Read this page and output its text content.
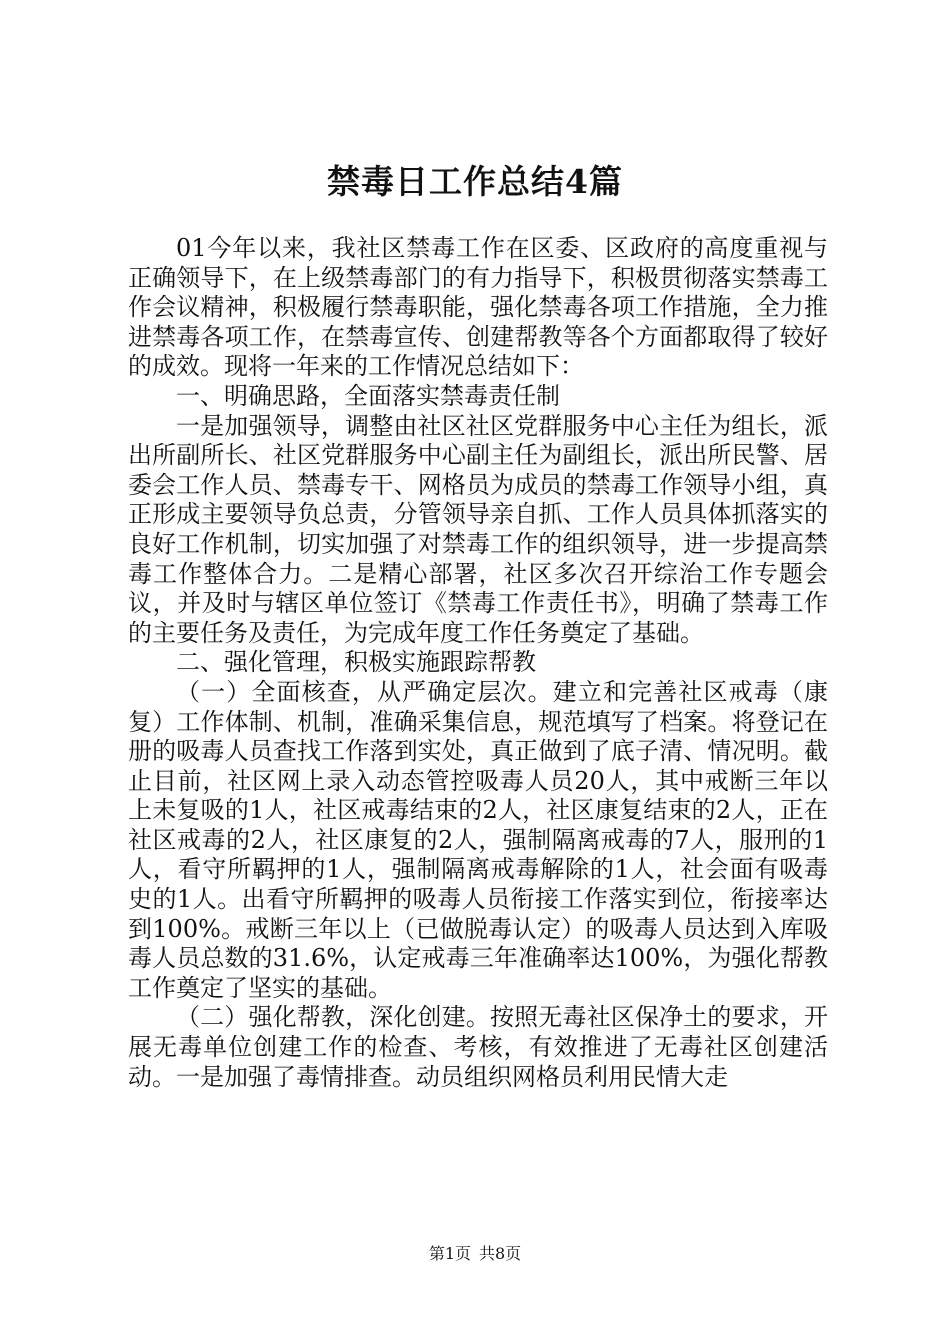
禁毒日工作总结4篇

01今年以来，我社区禁毒工作在区委、区政府的高度重视与正确领导下，在上级禁毒部门的有力指导下，积极贯彻落实禁毒工作会议精神，积极履行禁毒职能，强化禁毒各项工作措施，全力推进禁毒各项工作，在禁毒宣传、创建帮教等各个方面都取得了较好的成效。现将一年来的工作情况总结如下：

一、明确思路，全面落实禁毒责任制

一是加强领导，调整由社区社区党群服务中心主任为组长，派出所副所长、社区党群服务中心副主任为副组长，派出所民警、居委会工作人员、禁毒专干、网格员为成员的禁毒工作领导小组，真正形成主要领导负总责，分管领导亲自抓、工作人员具体抓落实的良好工作机制，切实加强了对禁毒工作的组织领导，进一步提高禁毒工作整体合力。二是精心部署，社区多次召开综治工作专题会议，并及时与辖区单位签订《禁毒工作责任书》，明确了禁毒工作的主要任务及责任，为完成年度工作任务奠定了基础。

二、强化管理，积极实施跟踪帮教

（一）全面核查，从严确定层次。建立和完善社区戒毒（康复）工作体制、机制，准确采集信息，规范填写了档案。将登记在册的吸毒人员查找工作落到实处，真正做到了底子清、情况明。截止目前，社区网上录入动态管控吸毒人员20人，其中戒断三年以上未复吸的1人，社区戒毒结束的2人，社区康复结束的2人，正在社区戒毒的2人，社区康复的2人，强制隔离戒毒的7人，服刑的1人，看守所羁押的1人，强制隔离戒毒解除的1人，社会面有吸毒史的1人。出看守所羁押的吸毒人员衔接工作落实到位，衔接率达到100%。戒断三年以上（已做脱毒认定）的吸毒人员达到入库吸毒人员总数的31.6%，认定戒毒三年准确率达100%，为强化帮教工作奠定了坚实的基础。

（二）强化帮教，深化创建。按照无毒社区保净土的要求，开展无毒单位创建工作的检查、考核，有效推进了无毒社区创建活动。一是加强了毒情排查。动员组织网格员利用民情大走

第1页 共8页
